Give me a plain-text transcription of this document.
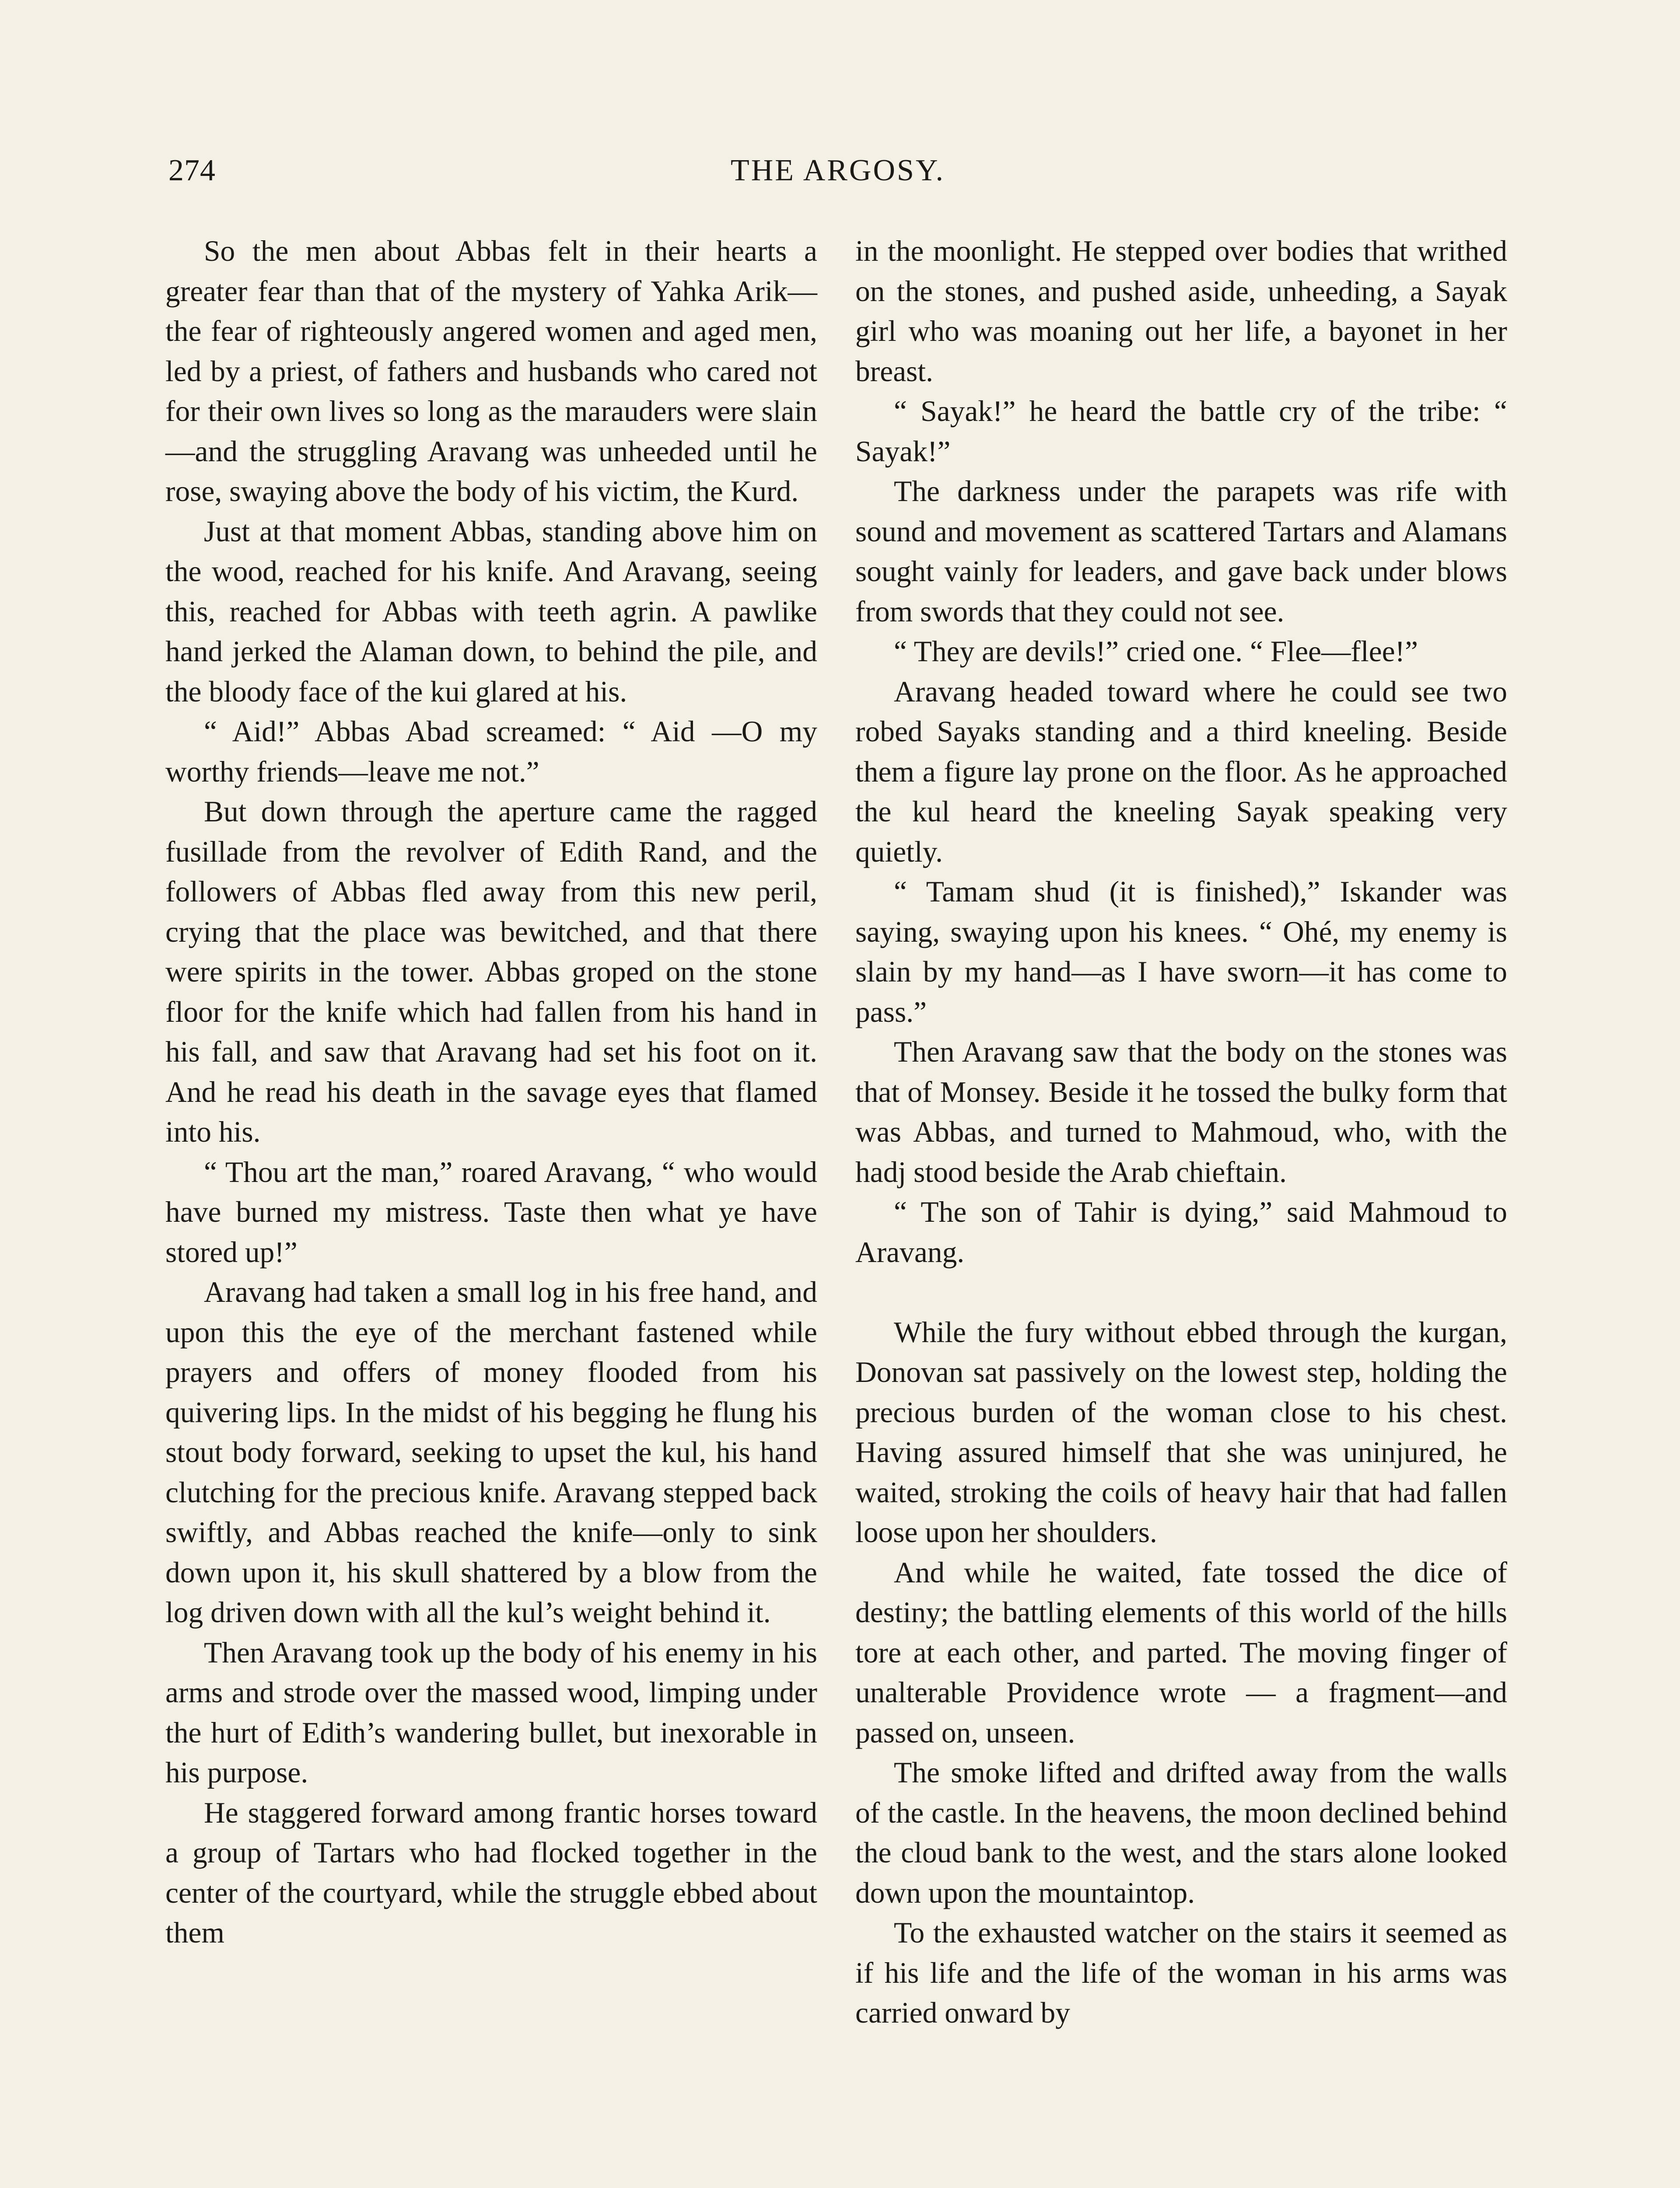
274	THE ARGOSY.

So the men about Abbas felt in their hearts a greater fear than that of the mystery of Yahka Arik—the fear of righteously angered women and aged men, led by a priest, of fathers and husbands who cared not for their own lives so long as the marauders were slain—and the struggling Aravang was unheeded until he rose, swaying above the body of his victim, the Kurd.

Just at that moment Abbas, standing above him on the wood, reached for his knife. And Aravang, seeing this, reached for Abbas with teeth agrin. A pawlike hand jerked the Alaman down, to behind the pile, and the bloody face of the kui glared at his.

“ Aid!” Abbas Abad screamed: “ Aid —O my worthy friends—leave me not.”

But down through the aperture came the ragged fusillade from the revolver of Edith Rand, and the followers of Abbas fled away from this new peril, crying that the place was bewitched, and that there were spirits in the tower. Abbas groped on the stone floor for the knife which had fallen from his hand in his fall, and saw that Aravang had set his foot on it. And he read his death in the savage eyes that flamed into his.

“ Thou art the man,” roared Aravang, “ who would have burned my mistress. Taste then what ye have stored up!”

Aravang had taken a small log in his free hand, and upon this the eye of the merchant fastened while prayers and offers of money flooded from his quivering lips. In the midst of his begging he flung his stout body forward, seeking to upset the kul, his hand clutching for the precious knife. Aravang stepped back swiftly, and Abbas reached the knife—only to sink down upon it, his skull shattered by a blow from the log driven down with all the kul’s weight behind it.

Then Aravang took up the body of his enemy in his arms and strode over the massed wood, limping under the hurt of Edith’s wandering bullet, but inexorable in his purpose.

He staggered forward among frantic horses toward a group of Tartars who had flocked together in the center of the courtyard, while the struggle ebbed about them

in the moonlight. He stepped over bodies that writhed on the stones, and pushed aside, unheeding, a Sayak girl who was moaning out her life, a bayonet in her breast.

“ Sayak!” he heard the battle cry of the tribe: “ Sayak!”

The darkness under the parapets was rife with sound and movement as scattered Tartars and Alamans sought vainly for leaders, and gave back under blows from swords that they could not see.

“ They are devils!” cried one. “ Flee—flee!”

Aravang headed toward where he could see two robed Sayaks standing and a third kneeling. Beside them a figure lay prone on the floor. As he approached the kul heard the kneeling Sayak speaking very quietly.

“ Tamam shud (it is finished),” Iskander was saying, swaying upon his knees. “ Ohé, my enemy is slain by my hand—as I have sworn—it has come to pass.”

Then Aravang saw that the body on the stones was that of Monsey. Beside it he tossed the bulky form that was Abbas, and turned to Mahmoud, who, with the hadj stood beside the Arab chieftain.

“ The son of Tahir is dying,” said Mahmoud to Aravang.

While the fury without ebbed through the kurgan, Donovan sat passively on the lowest step, holding the precious burden of the woman close to his chest. Having assured himself that she was uninjured, he waited, stroking the coils of heavy hair that had fallen loose upon her shoulders.

And while he waited, fate tossed the dice of destiny; the battling elements of this world of the hills tore at each other, and parted. The moving finger of unalterable Providence wrote — a fragment—and passed on, unseen.

The smoke lifted and drifted away from the walls of the castle. In the heavens, the moon declined behind the cloud bank to the west, and the stars alone looked down upon the mountaintop.

To the exhausted watcher on the stairs it seemed as if his life and the life of the woman in his arms was carried onward by
